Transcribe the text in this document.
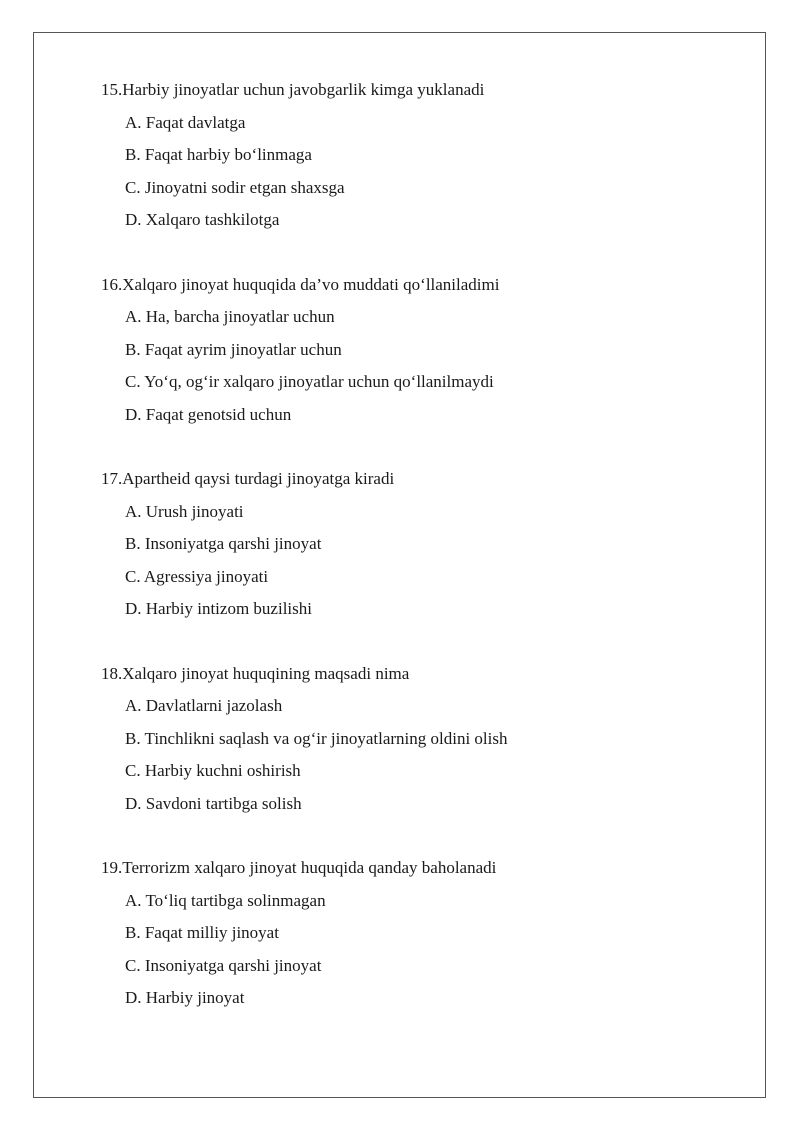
15.Harbiy jinoyatlar uchun javobgarlik kimga yuklanadi
A. Faqat davlatga
B. Faqat harbiy bo‘linmaga
C. Jinoyatni sodir etgan shaxsga
D. Xalqaro tashkilotga
16.Xalqaro jinoyat huquqida da’vo muddati qo‘llaniladimi
A. Ha, barcha jinoyatlar uchun
B. Faqat ayrim jinoyatlar uchun
C. Yo‘q, og‘ir xalqaro jinoyatlar uchun qo‘llanilmaydi
D. Faqat genotsid uchun
17.Apartheid qaysi turdagi jinoyatga kiradi
A. Urush jinoyati
B. Insoniyatga qarshi jinoyat
C. Agressiya jinoyati
D. Harbiy intizom buzilishi
18.Xalqaro jinoyat huquqining maqsadi nima
A. Davlatlarni jazolash
B. Tinchlikni saqlash va og‘ir jinoyatlarning oldini olish
C. Harbiy kuchni oshirish
D. Savdoni tartibga solish
19.Terrorizm xalqaro jinoyat huquqida qanday baholanadi
A. To‘liq tartibga solinmagan
B. Faqat milliy jinoyat
C. Insoniyatga qarshi jinoyat
D. Harbiy jinoyat
